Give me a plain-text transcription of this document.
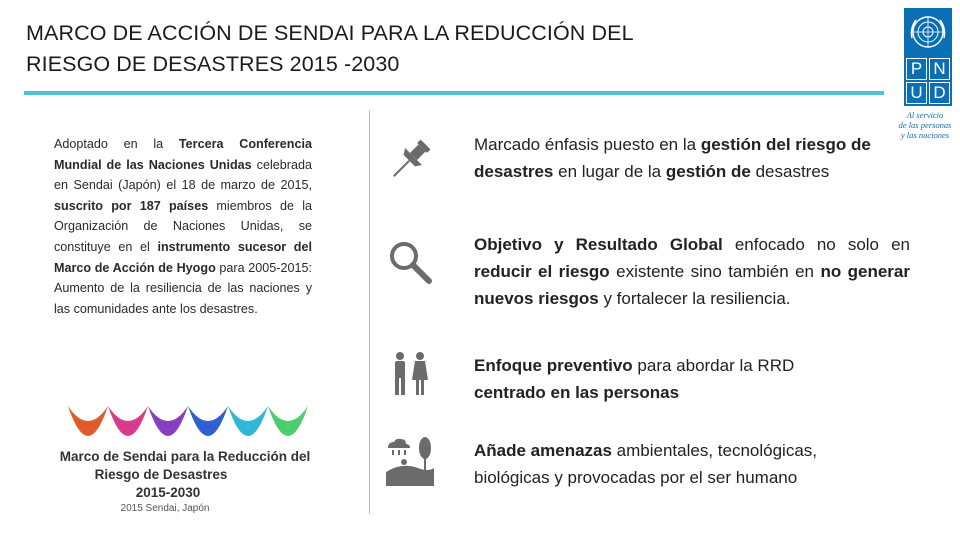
MARCO DE ACCIÓN DE SENDAI PARA LA REDUCCIÓN DEL
RIESGO DE DESASTRES 2015 -2030	P N
U D
Al servicio
de las personas
y las naciones
Adoptado en la Tercera Conferencia Mundial de las Naciones Unidas celebrada en Sendai (Japón) el 18 de marzo de 2015, suscrito por 187 países miembros de la Organización de Naciones Unidas, se constituye en el instrumento sucesor del Marco de Acción de Hyogo para 2005-2015: Aumento de la resiliencia de las naciones y las comunidades ante los desastres.
Marco de Sendai para la Reducción del
Riesgo de Desastres
2015-2030
2015 Sendai, Japón
Marcado énfasis puesto en la gestión del riesgo de desastres en lugar de la gestión de desastres
Objetivo y Resultado Global enfocado no solo en reducir el riesgo existente sino también en no generar nuevos riesgos y fortalecer la resiliencia.
Enfoque preventivo para abordar la RRD centrado en las personas
Añade amenazas ambientales, tecnológicas, biológicas y provocadas por el ser humano
